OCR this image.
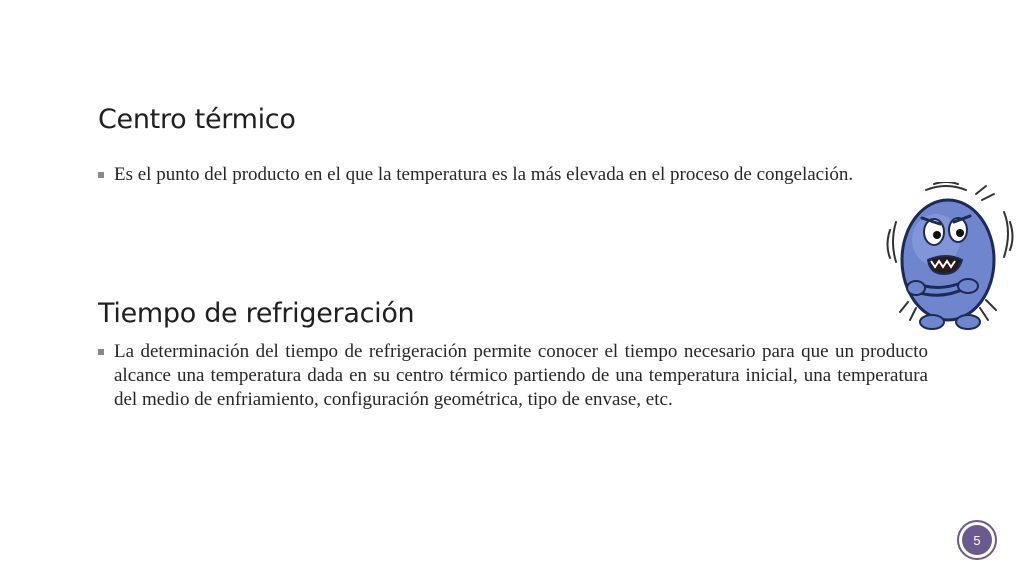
Centro térmico
Es el punto del producto en el que la temperatura es la más elevada en el proceso de congelación.
Tiempo de refrigeración
La determinación del tiempo de refrigeración permite conocer el tiempo necesario para que un producto alcance una temperatura dada en su centro térmico partiendo de una temperatura inicial, una temperatura del medio de enfriamiento, configuración geométrica, tipo de envase, etc.
5
